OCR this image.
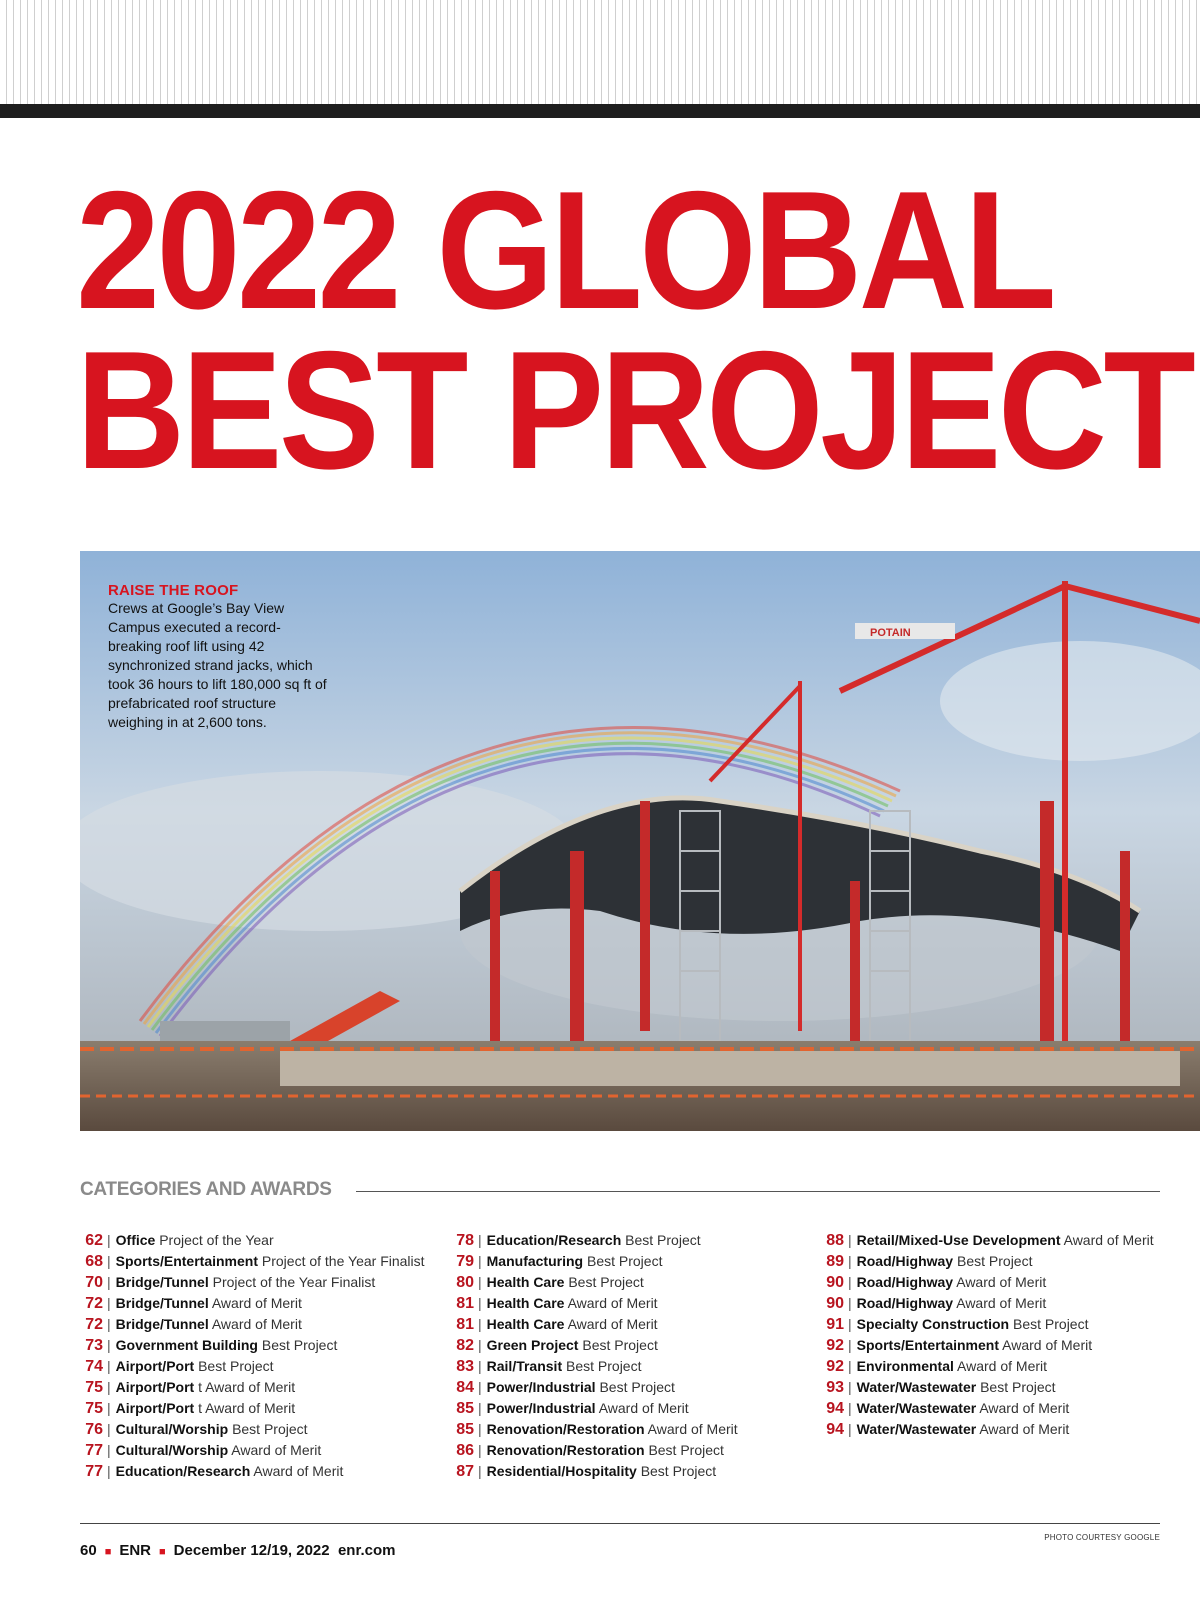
2022 GLOBAL
BEST PROJECT
POTAIN
RAISE THE ROOF
Crews at Google’s Bay View Campus executed a record-breaking roof lift using 42 synchronized strand jacks, which took 36 hours to lift 180,000 sq ft of prefabricated roof structure weighing in at 2,600 tons.
CATEGORIES AND AWARDS
62 | Office Project of the Year
68 | Sports/Entertainment Project of the Year Finalist
70 | Bridge/Tunnel Project of the Year Finalist
72 | Bridge/Tunnel Award of Merit
72 | Bridge/Tunnel Award of Merit
73 | Government Building Best Project
74 | Airport/Port Best Project
75 | Airport/Port t Award of Merit
75 | Airport/Port t Award of Merit
76 | Cultural/Worship Best Project
77 | Cultural/Worship Award of Merit
77 | Education/Research Award of Merit
78 | Education/Research Best Project
79 | Manufacturing Best Project
80 | Health Care Best Project
81 | Health Care Award of Merit
81 | Health Care Award of Merit
82 | Green Project Best Project
83 | Rail/Transit Best Project
84 | Power/Industrial Best Project
85 | Power/Industrial Award of Merit
85 | Renovation/Restoration Award of Merit
86 | Renovation/Restoration Best Project
87 | Residential/Hospitality Best Project
88 | Retail/Mixed-Use Development Award of Merit
89 | Road/Highway Best Project
90 | Road/Highway Award of Merit
90 | Road/Highway Award of Merit
91 | Specialty Construction Best Project
92 | Sports/Entertainment Award of Merit
92 | Environmental Award of Merit
93 | Water/Wastewater Best Project
94 | Water/Wastewater Award of Merit
94 | Water/Wastewater Award of Merit
60 ■ ENR ■ December 12/19, 2022 enr.com
PHOTO COURTESY GOOGLE
